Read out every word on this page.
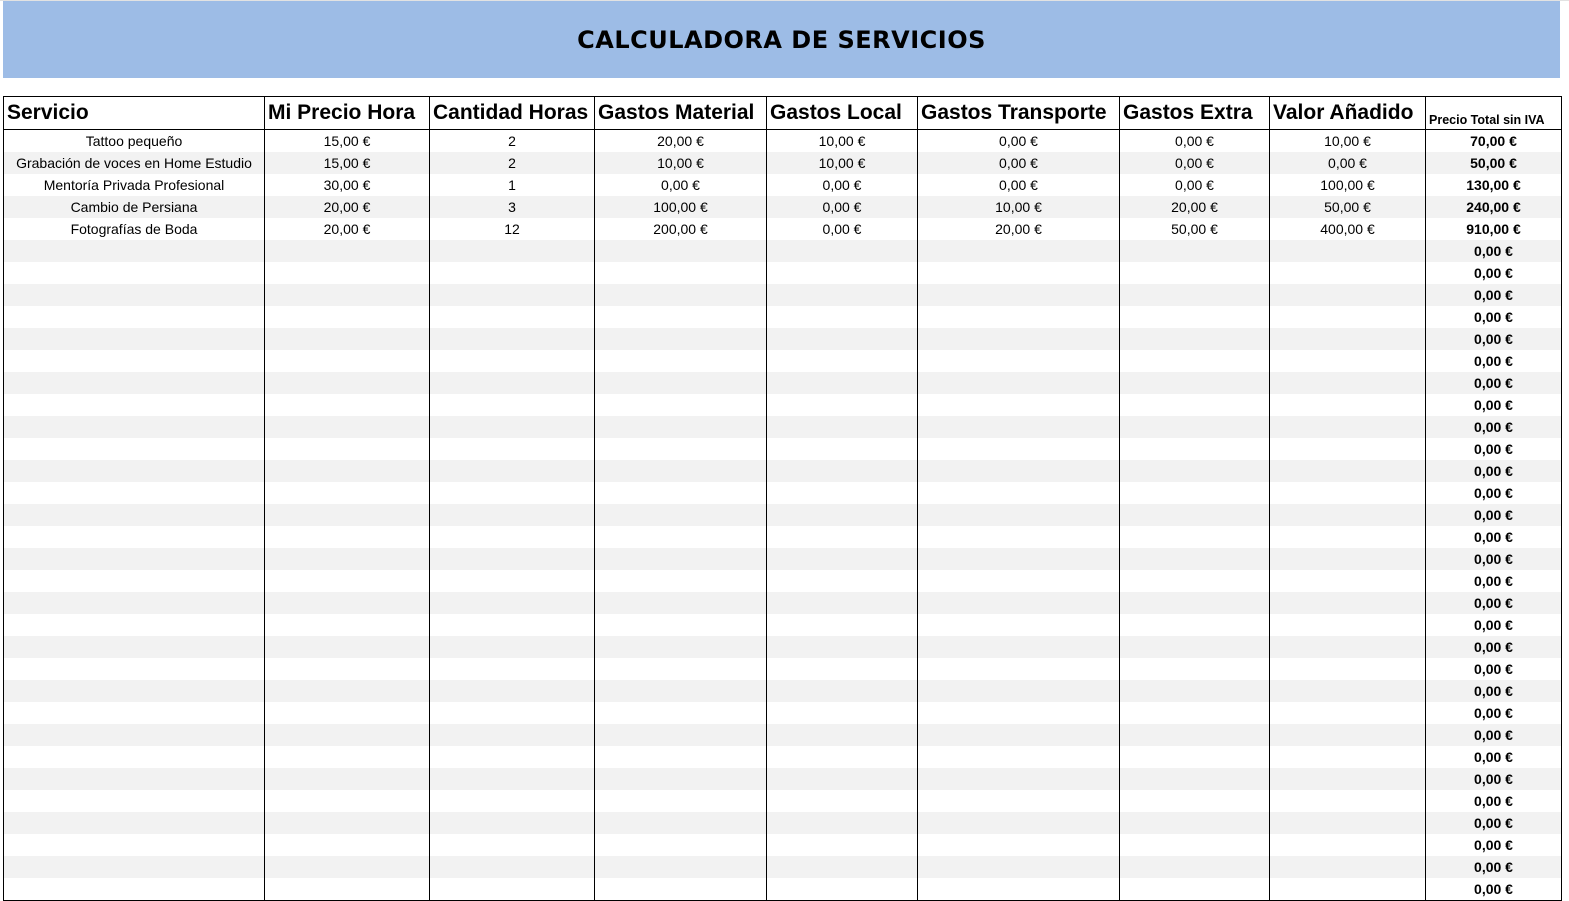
CALCULADORA DE SERVICIOS
Servicio	Mi Precio Hora	Cantidad Horas	Gastos Material	Gastos Local	Gastos Transporte	Gastos Extra	Valor Añadido	Precio Total sin IVA
Tattoo pequeño	15,00 €	2	20,00 €	10,00 €	0,00 €	0,00 €	10,00 €	70,00 €
Grabación de voces en Home Estudio	15,00 €	2	10,00 €	10,00 €	0,00 €	0,00 €	0,00 €	50,00 €
Mentoría Privada Profesional	30,00 €	1	0,00 €	0,00 €	0,00 €	0,00 €	100,00 €	130,00 €
Cambio de Persiana	20,00 €	3	100,00 €	0,00 €	10,00 €	20,00 €	50,00 €	240,00 €
Fotografías de Boda	20,00 €	12	200,00 €	0,00 €	20,00 €	50,00 €	400,00 €	910,00 €
								0,00 €
								0,00 €
								0,00 €
								0,00 €
								0,00 €
								0,00 €
								0,00 €
								0,00 €
								0,00 €
								0,00 €
								0,00 €
								0,00 €
								0,00 €
								0,00 €
								0,00 €
								0,00 €
								0,00 €
								0,00 €
								0,00 €
								0,00 €
								0,00 €
								0,00 €
								0,00 €
								0,00 €
								0,00 €
								0,00 €
								0,00 €
								0,00 €
								0,00 €
								0,00 €
